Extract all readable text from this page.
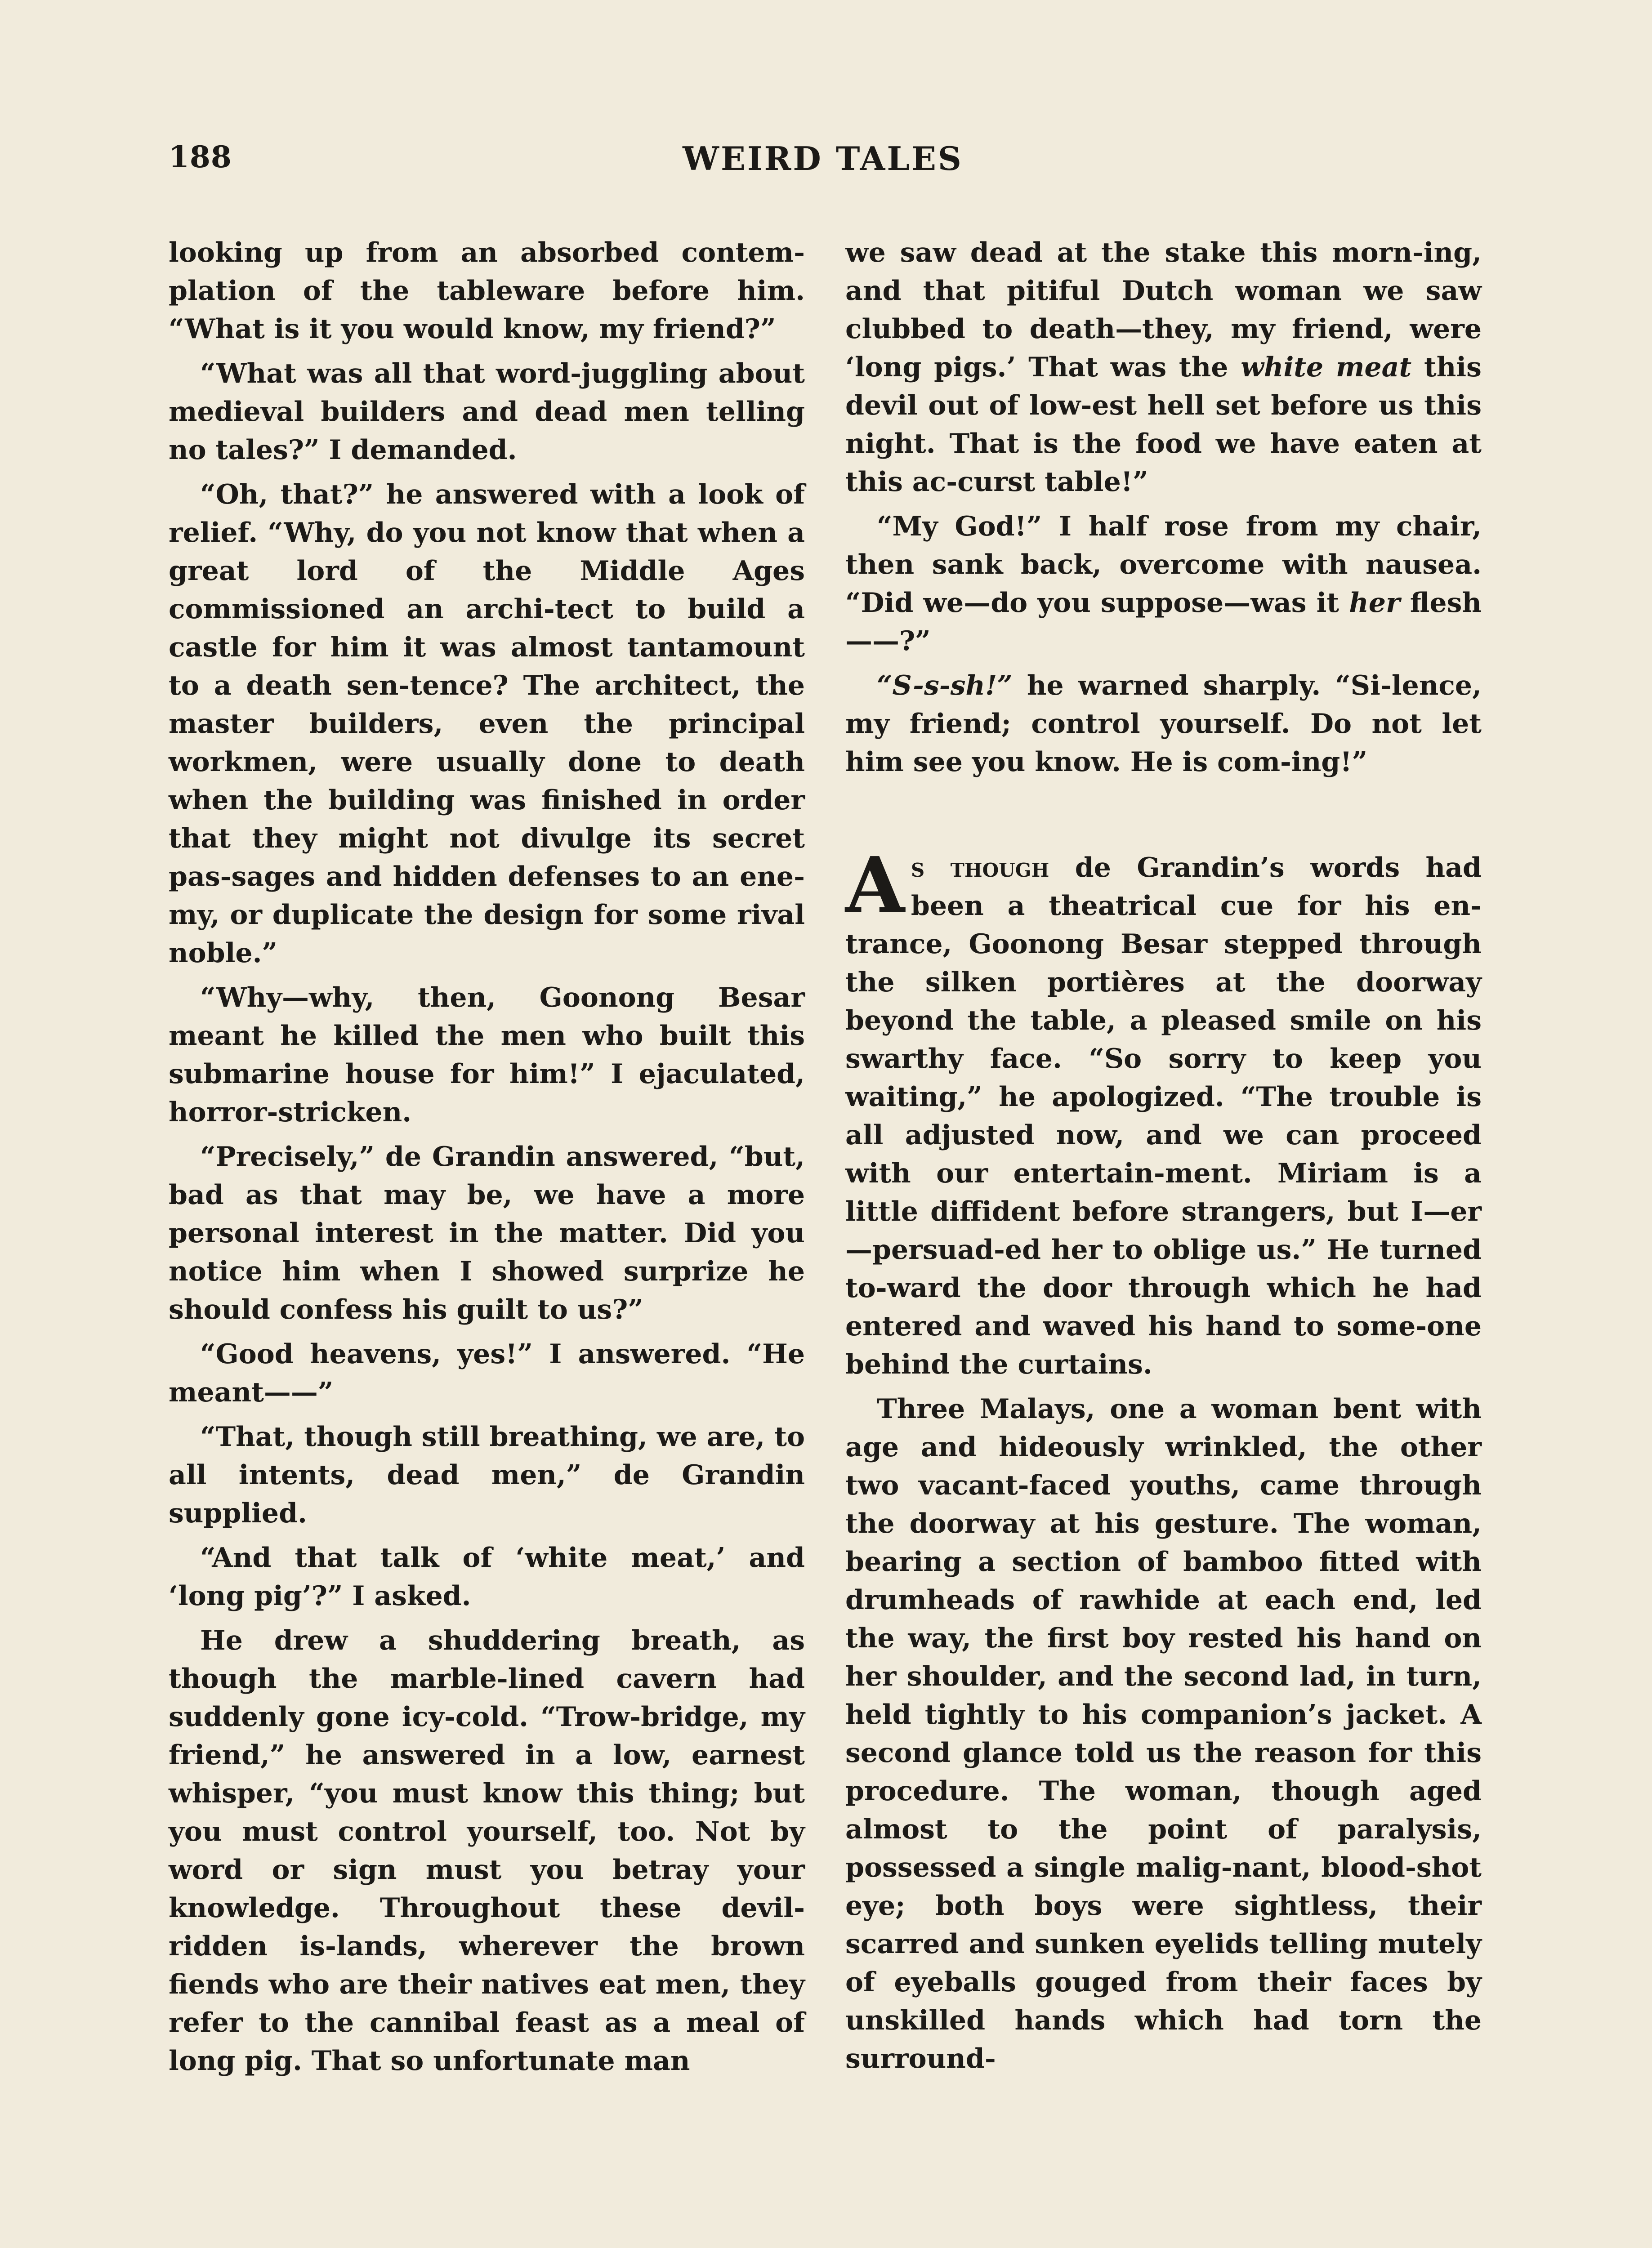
188	WEIRD TALES

looking up from an absorbed contem-plation of the tableware before him. “What is it you would know, my friend?”

“What was all that word-juggling about medieval builders and dead men telling no tales?” I demanded.

“Oh, that?” he answered with a look of relief. “Why, do you not know that when a great lord of the Middle Ages commissioned an archi-tect to build a castle for him it was almost tantamount to a death sen-tence? The architect, the master builders, even the principal workmen, were usually done to death when the building was finished in order that they might not divulge its secret pas-sages and hidden defenses to an ene-my, or duplicate the design for some rival noble.”

“Why—why, then, Goonong Besar meant he killed the men who built this submarine house for him!” I ejaculated, horror-stricken.

“Precisely,” de Grandin answered, “but, bad as that may be, we have a more personal interest in the matter. Did you notice him when I showed surprize he should confess his guilt to us?”

“Good heavens, yes!” I answered. “He meant——”

“That, though still breathing, we are, to all intents, dead men,” de Grandin supplied.

“And that talk of ‘white meat,’ and ‘long pig’?” I asked.

He drew a shuddering breath, as though the marble-lined cavern had suddenly gone icy-cold. “Trow-bridge, my friend,” he answered in a low, earnest whisper, “you must know this thing; but you must control yourself, too. Not by word or sign must you betray your knowledge. Throughout these devil-ridden is-lands, wherever the brown fiends who are their natives eat men, they refer to the cannibal feast as a meal of long pig. That so unfortunate man

we saw dead at the stake this morn-ing, and that pitiful Dutch woman we saw clubbed to death—they, my friend, were ‘long pigs.’ That was the white meat this devil out of low-est hell set before us this night. That is the food we have eaten at this ac-curst table!”

“My God!” I half rose from my chair, then sank back, overcome with nausea. “Did we—do you suppose—was it her flesh——?”

“S-s-sh!” he warned sharply. “Si-lence, my friend; control yourself. Do not let him see you know. He is com-ing!”

As though de Grandin’s words had been a theatrical cue for his en-trance, Goonong Besar stepped through the silken portières at the doorway beyond the table, a pleased smile on his swarthy face. “So sorry to keep you waiting,” he apologized. “The trouble is all adjusted now, and we can proceed with our entertain-ment. Miriam is a little diffident before strangers, but I—er—persuad-ed her to oblige us.” He turned to-ward the door through which he had entered and waved his hand to some-one behind the curtains.

Three Malays, one a woman bent with age and hideously wrinkled, the other two vacant-faced youths, came through the doorway at his gesture. The woman, bearing a section of bamboo fitted with drumheads of rawhide at each end, led the way, the first boy rested his hand on her shoulder, and the second lad, in turn, held tightly to his companion’s jacket. A second glance told us the reason for this procedure. The woman, though aged almost to the point of paralysis, possessed a single malig-nant, blood-shot eye; both boys were sightless, their scarred and sunken eyelids telling mutely of eyeballs gouged from their faces by unskilled hands which had torn the surround-
